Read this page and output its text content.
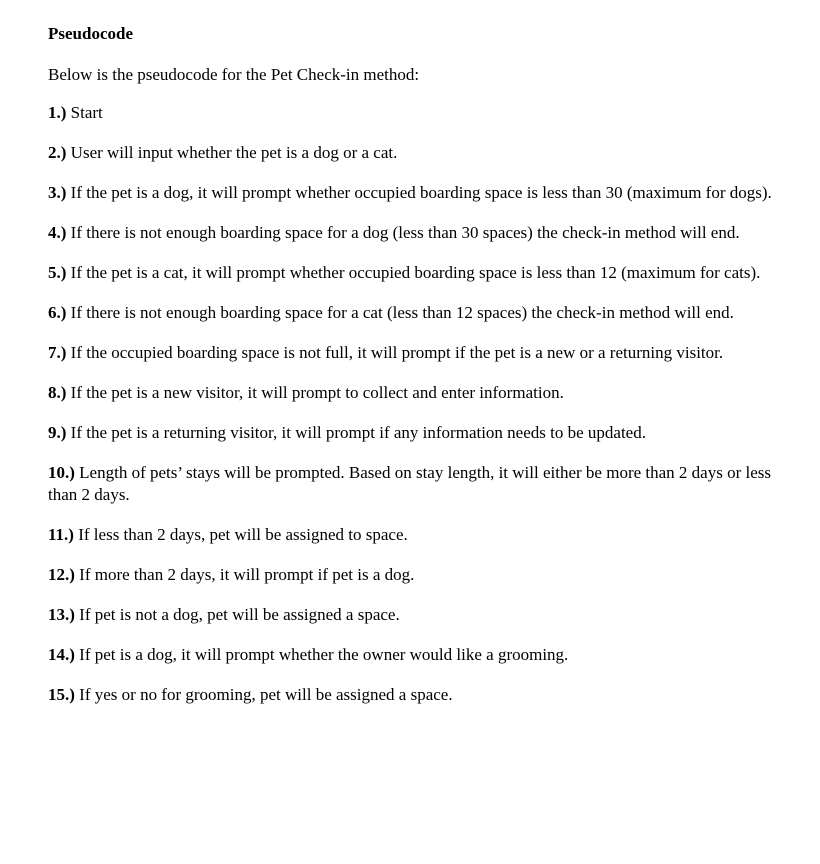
Pseudocode
Below is the pseudocode for the Pet Check-in method:
1.) Start
2.) User will input whether the pet is a dog or a cat.
3.) If the pet is a dog, it will prompt whether occupied boarding space is less than 30 (maximum for dogs).
4.) If there is not enough boarding space for a dog (less than 30 spaces) the check-in method will end.
5.) If the pet is a cat, it will prompt whether occupied boarding space is less than 12 (maximum for cats).
6.) If there is not enough boarding space for a cat (less than 12 spaces) the check-in method will end.
7.) If the occupied boarding space is not full, it will prompt if the pet is a new or a returning visitor.
8.) If the pet is a new visitor, it will prompt to collect and enter information.
9.) If the pet is a returning visitor, it will prompt if any information needs to be updated.
10.) Length of pets’ stays will be prompted. Based on stay length, it will either be more than 2 days or less than 2 days.
11.) If less than 2 days, pet will be assigned to space.
12.) If more than 2 days, it will prompt if pet is a dog.
13.) If pet is not a dog, pet will be assigned a space.
14.) If pet is a dog, it will prompt whether the owner would like a grooming.
15.) If yes or no for grooming, pet will be assigned a space.
